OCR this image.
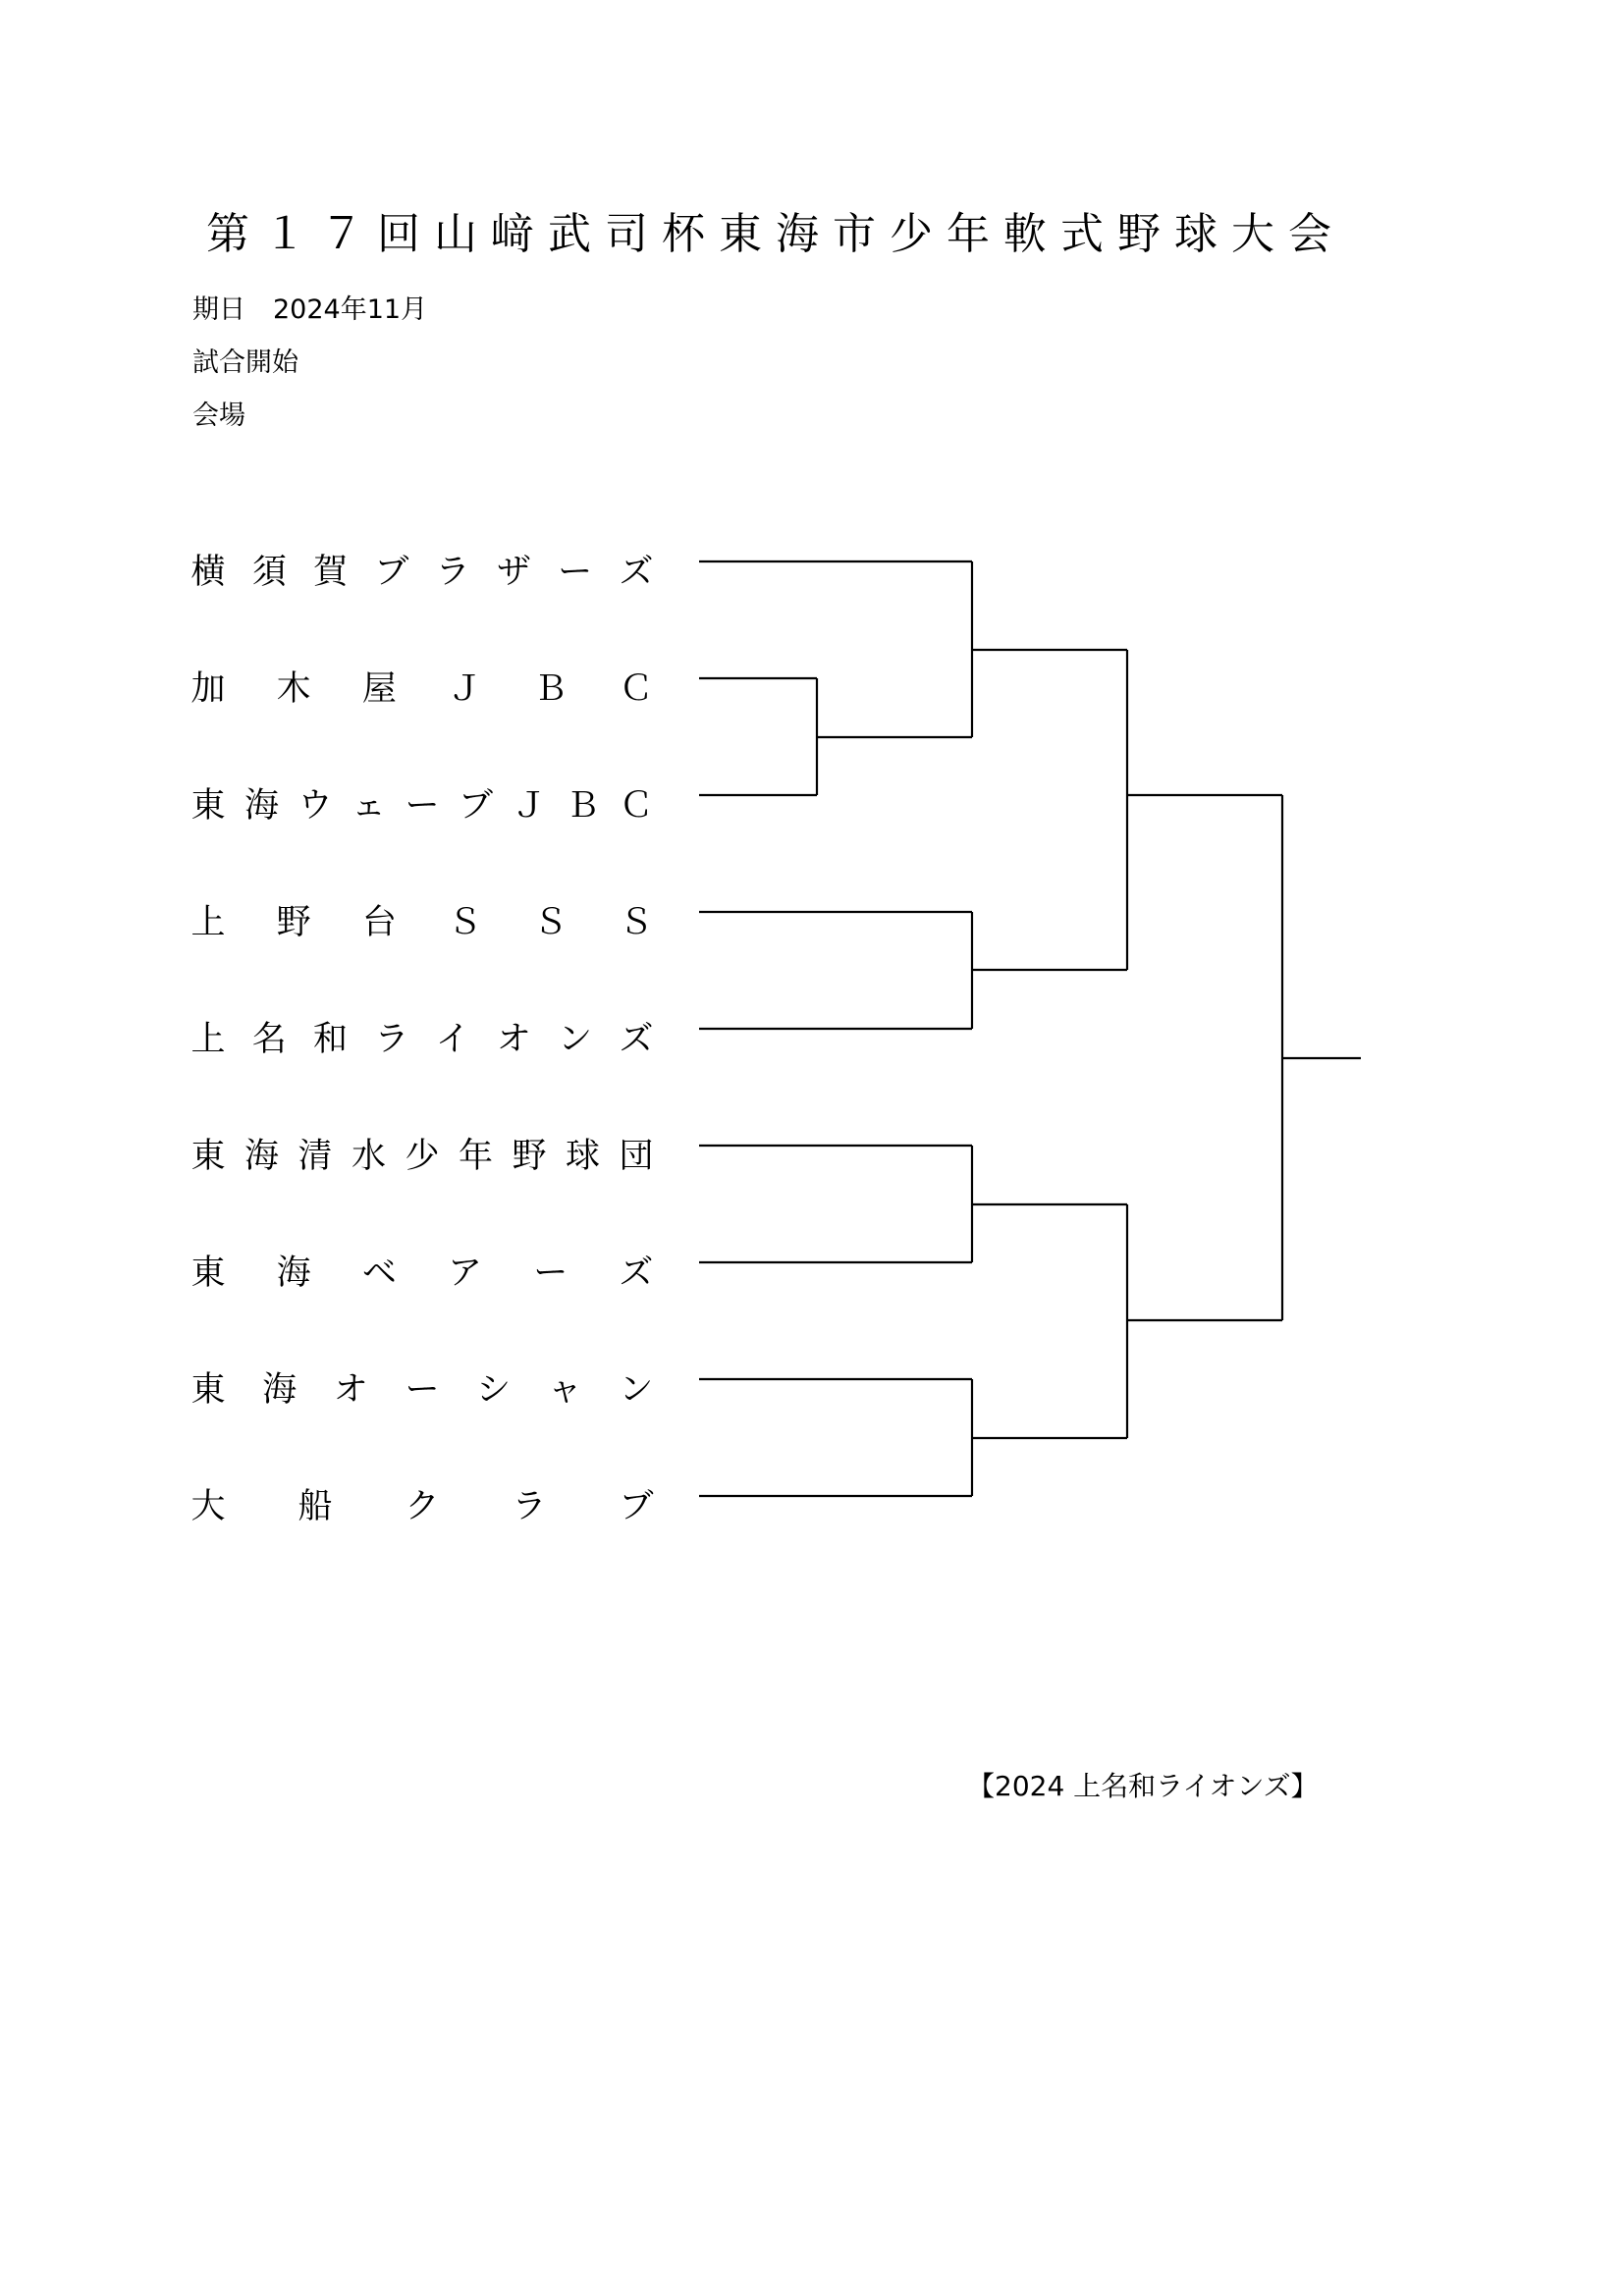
第１７回山﨑武司杯東海市少年軟式野球大会
期日 2024年11月
試合開始
会場
横 須 賀 ブ ラ ザ ー ズ
加 木 屋 Ｊ Ｂ Ｃ
東 海 ウ ェ ー ブ Ｊ Ｂ Ｃ
上 野 台 Ｓ Ｓ Ｓ
上 名 和 ラ イ オ ン ズ
東 海 清 水 少 年 野 球 団
東 海 ベ ア ー ズ
東 海 オ ー シ ャ ン
大 船 ク ラ ブ
【2024 上名和ライオンズ】
